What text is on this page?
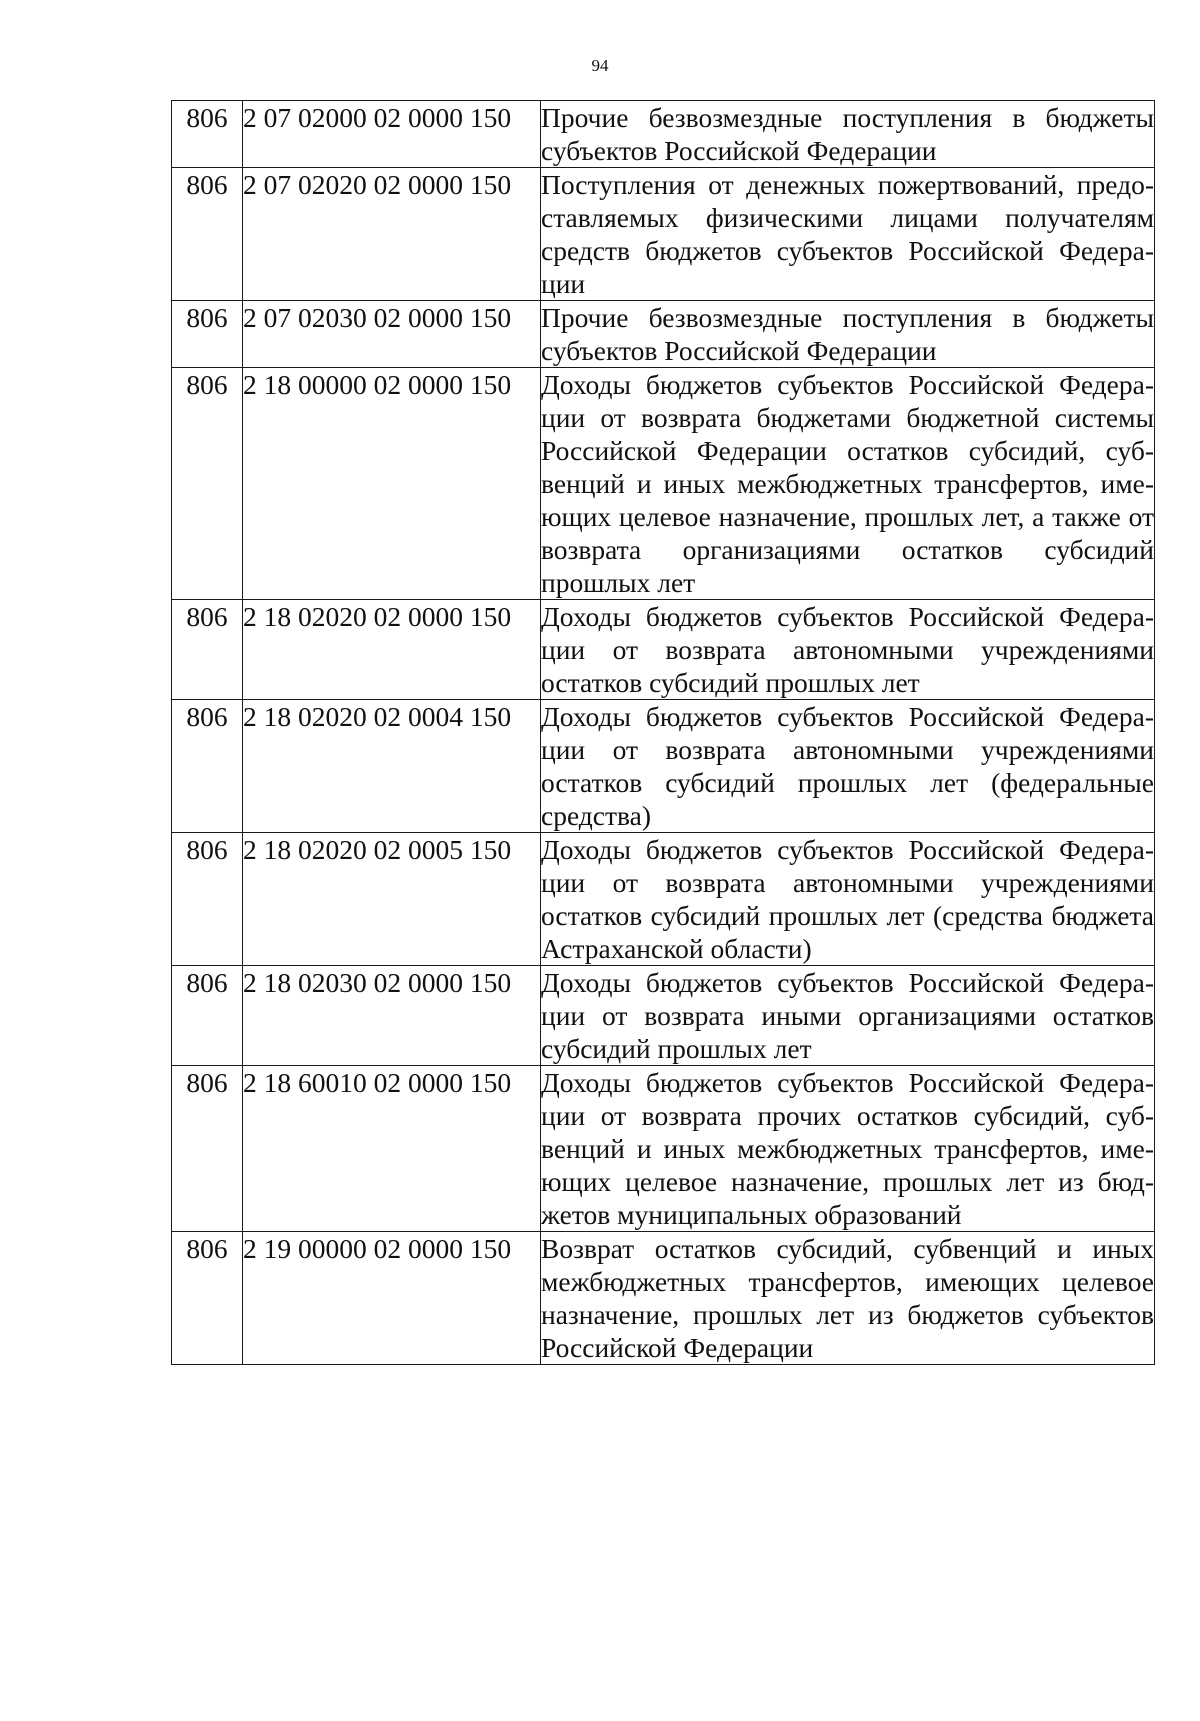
94
806	2 07 02000 02 0000 150	Прочие безвозмездные поступления в бюджеты субъектов Российской Федерации
806	2 07 02020 02 0000 150	Поступления от денежных пожертвований, предоставляемых физическими лицами получателям средств бюджетов субъектов Российской Федерации
806	2 07 02030 02 0000 150	Прочие безвозмездные поступления в бюджеты субъектов Российской Федерации
806	2 18 00000 02 0000 150	Доходы бюджетов субъектов Российской Федерации от возврата бюджетами бюджетной системы Российской Федерации остатков субсидий, субвенций и иных межбюджетных трансфертов, имеющих целевое назначение, прошлых лет, а также от возврата организациями остатков субсидий прошлых лет
806	2 18 02020 02 0000 150	Доходы бюджетов субъектов Российской Федерации от возврата автономными учреждениями остатков субсидий прошлых лет
806	2 18 02020 02 0004 150	Доходы бюджетов субъектов Российской Федерации от возврата автономными учреждениями остатков субсидий прошлых лет (федеральные средства)
806	2 18 02020 02 0005 150	Доходы бюджетов субъектов Российской Федерации от возврата автономными учреждениями остатков субсидий прошлых лет (средства бюджета Астраханской области)
806	2 18 02030 02 0000 150	Доходы бюджетов субъектов Российской Федерации от возврата иными организациями остатков субсидий прошлых лет
806	2 18 60010 02 0000 150	Доходы бюджетов субъектов Российской Федерации от возврата прочих остатков субсидий, субвенций и иных межбюджетных трансфертов, имеющих целевое назначение, прошлых лет из бюджетов муниципальных образований
806	2 19 00000 02 0000 150	Возврат остатков субсидий, субвенций и иных межбюджетных трансфертов, имеющих целевое назначение, прошлых лет из бюджетов субъектов Российской Федерации
